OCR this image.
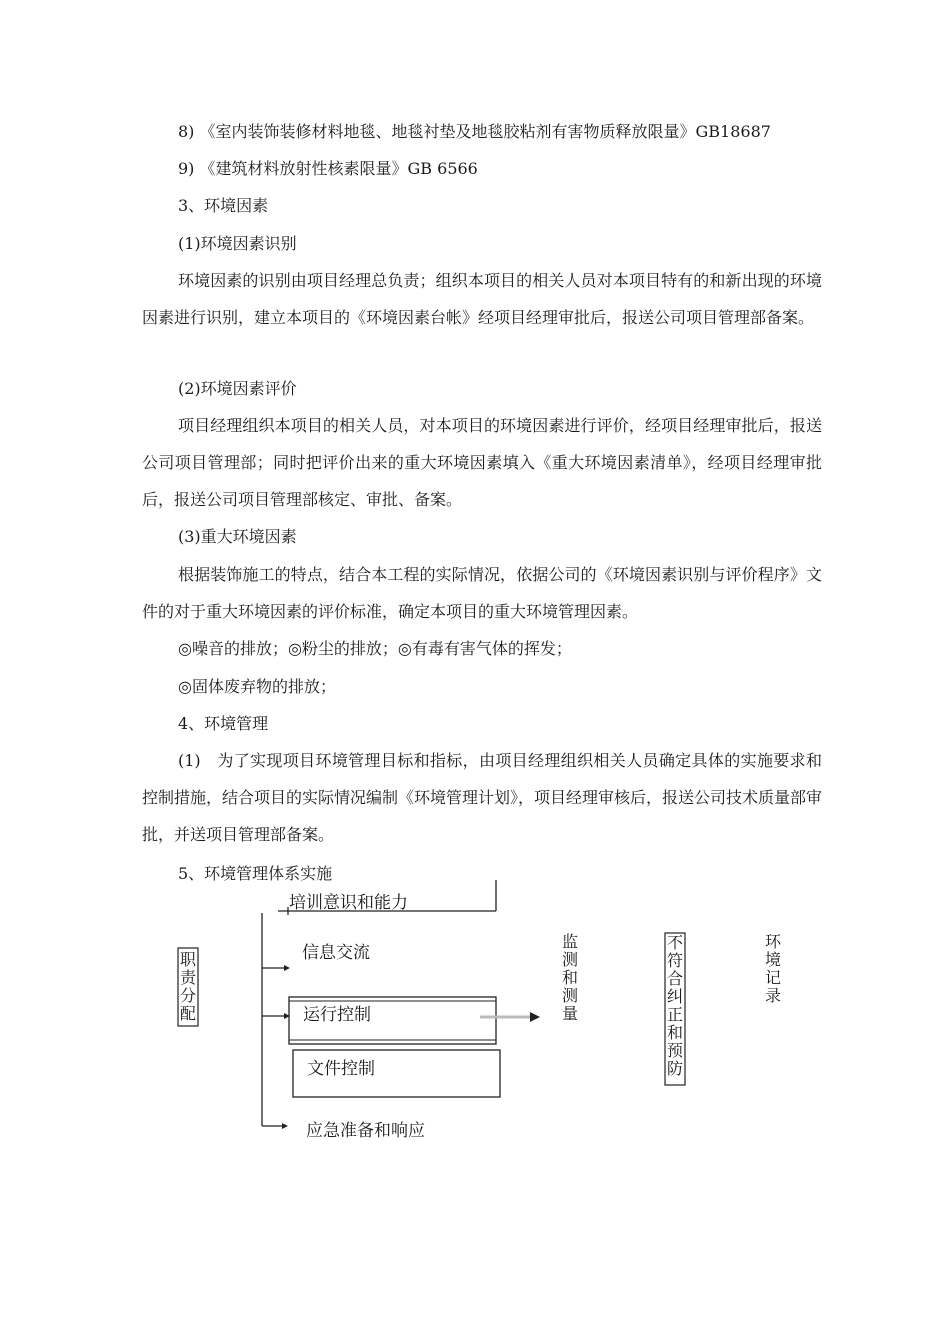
8) 《室内装饰装修材料地毯、地毯衬垫及地毯胶粘剂有害物质释放限量》GB18687
9) 《建筑材料放射性核素限量》GB 6566
3、环境因素
(1)环境因素识别
环境因素的识别由项目经理总负责；组织本项目的相关人员对本项目特有的和新出现的环境因素进行识别，建立本项目的《环境因素台帐》经项目经理审批后，报送公司项目管理部备案。
(2)环境因素评价
项目经理组织本项目的相关人员，对本项目的环境因素进行评价，经项目经理审批后，报送公司项目管理部；同时把评价出来的重大环境因素填入《重大环境因素清单》，经项目经理审批后，报送公司项目管理部核定、审批、备案。
(3)重大环境因素
根据装饰施工的特点，结合本工程的实际情况，依据公司的《环境因素识别与评价程序》文件的对于重大环境因素的评价标准，确定本项目的重大环境管理因素。
◎噪音的排放；◎粉尘的排放；◎有毒有害气体的挥发；
◎固体废弃物的排放；
4、环境管理
(1)　为了实现项目环境管理目标和指标，由项目经理组织相关人员确定具体的实施要求和控制措施，结合项目的实际情况编制《环境管理计划》，项目经理审核后，报送公司技术质量部审批，并送项目管理部备案。
5、环境管理体系实施
培训意识和能力
信息交流
运行控制
文件控制
应急准备和响应
职责分配
监测和测量
不符合纠正和预防
环境记录
